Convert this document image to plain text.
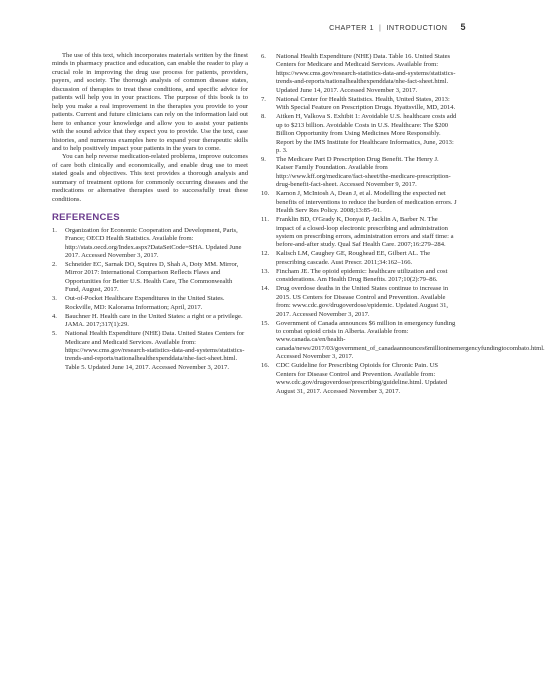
CHAPTER 1 | INTRODUCTION 5

The use of this text, which incorporates materials written by the finest minds in pharmacy practice and education, can enable the reader to play a crucial role in improving the drug use process for patients, providers, payers, and society. The thorough analysis of common disease states, discussion of therapies to treat these conditions, and specific advice for patients will help you in your practices. The purpose of this book is to help you make a real improvement in the therapies you provide to your patients. Current and future clinicians can rely on the information laid out here to enhance your knowledge and allow you to assist your patients with the sound advice that they expect you to provide. Use the text, case histories, and numerous examples here to expand your therapeutic skills and to help positively impact your patients in the years to come.

You can help reverse medication-related problems, improve outcomes of care both clinically and economically, and enable drug use to meet stated goals and objectives. This text provides a thorough analysis and summary of treatment options for commonly occurring diseases and the medications or alternative therapies used to successfully treat these conditions.

REFERENCES
1. Organization for Economic Cooperation and Development, Paris, France; OECD Health Statistics. Available from: http://stats.oecd.org/Index.aspx?DataSetCode=SHA. Updated June 2017. Accessed November 3, 2017.
2. Schneider EC, Sarnak DO, Squires D, Shah A, Doty MM. Mirror, Mirror 2017: International Comparison Reflects Flaws and Opportunities for Better U.S. Health Care, The Commonwealth Fund, August, 2017.
3. Out-of-Pocket Healthcare Expenditures in the United States. Rockville, MD: Kalorama Information; April, 2017.
4. Bauchner H. Health care in the United States: a right or a privilege. JAMA. 2017;317(1):29.
5. National Health Expenditure (NHE) Data. United States Centers for Medicare and Medicaid Services. Available from: https://www.cms.gov/research-statistics-data-and-systems/statistics-trends-and-reports/nationalhealthexpenddata/nhe-fact-sheet.html. Table 5. Updated June 14, 2017. Accessed November 3, 2017.
6. National Health Expenditure (NHE) Data. Table 16. United States Centers for Medicare and Medicaid Services. Available from: https://www.cms.gov/research-statistics-data-and-systems/statistics-trends-and-reports/nationalhealthexpenddata/nhe-fact-sheet.html. Updated June 14, 2017. Accessed November 3, 2017.
7. National Center for Health Statistics. Health, United States, 2013: With Special Feature on Prescription Drugs. Hyattsville, MD, 2014.
8. Aitken H, Valkova S. Exhibit 1: Avoidable U.S. healthcare costs add up to $213 billion. Avoidable Costs in U.S. Healthcare: The $200 Billion Opportunity from Using Medicines More Responsibly. Report by the IMS Institute for Healthcare Informatics, June, 2013: p. 3.
9. The Medicare Part D Prescription Drug Benefit. The Henry J. Kaiser Family Foundation. Available from http://www.kff.org/medicare/fact-sheet/the-medicare-prescription-drug-benefit-fact-sheet. Accessed November 9, 2017.
10. Karnon J, McIntosh A, Dean J, et al. Modelling the expected net benefits of interventions to reduce the burden of medication errors. J Health Serv Res Policy. 2008;13:85–91.
11. Franklin BD, O'Grady K, Donyai P, Jacklin A, Barber N. The impact of a closed-loop electronic prescribing and administration system on prescribing errors, administration errors and staff time: a before-and-after study. Qual Saf Health Care. 2007;16:279–284.
12. Kalisch LM, Caughey GE, Roughead EE, Gilbert AL. The prescribing cascade. Aust Prescr. 2011;34:162–166.
13. Fincham JE. The opioid epidemic: healthcare utilization and cost considerations. Am Health Drug Benefits. 2017;10(2):79–86.
14. Drug overdose deaths in the United States continue to increase in 2015. US Centers for Disease Control and Prevention. Available from: www.cdc.gov/drugoverdose/epidemic. Updated August 31, 2017. Accessed November 3, 2017.
15. Government of Canada announces $6 million in emergency funding to combat opioid crisis in Alberta. Available from: www.canada.ca/en/health-canada/news/2017/03/government_of_canadaannounces6millioninemergencyfundingtocombato.html. Accessed November 3, 2017.
16. CDC Guideline for Prescribing Opioids for Chronic Pain. US Centers for Disease Control and Prevention. Available from: www.cdc.gov/drugoverdose/prescribing/guideline.html. Updated August 31, 2017. Accessed November 3, 2017.
